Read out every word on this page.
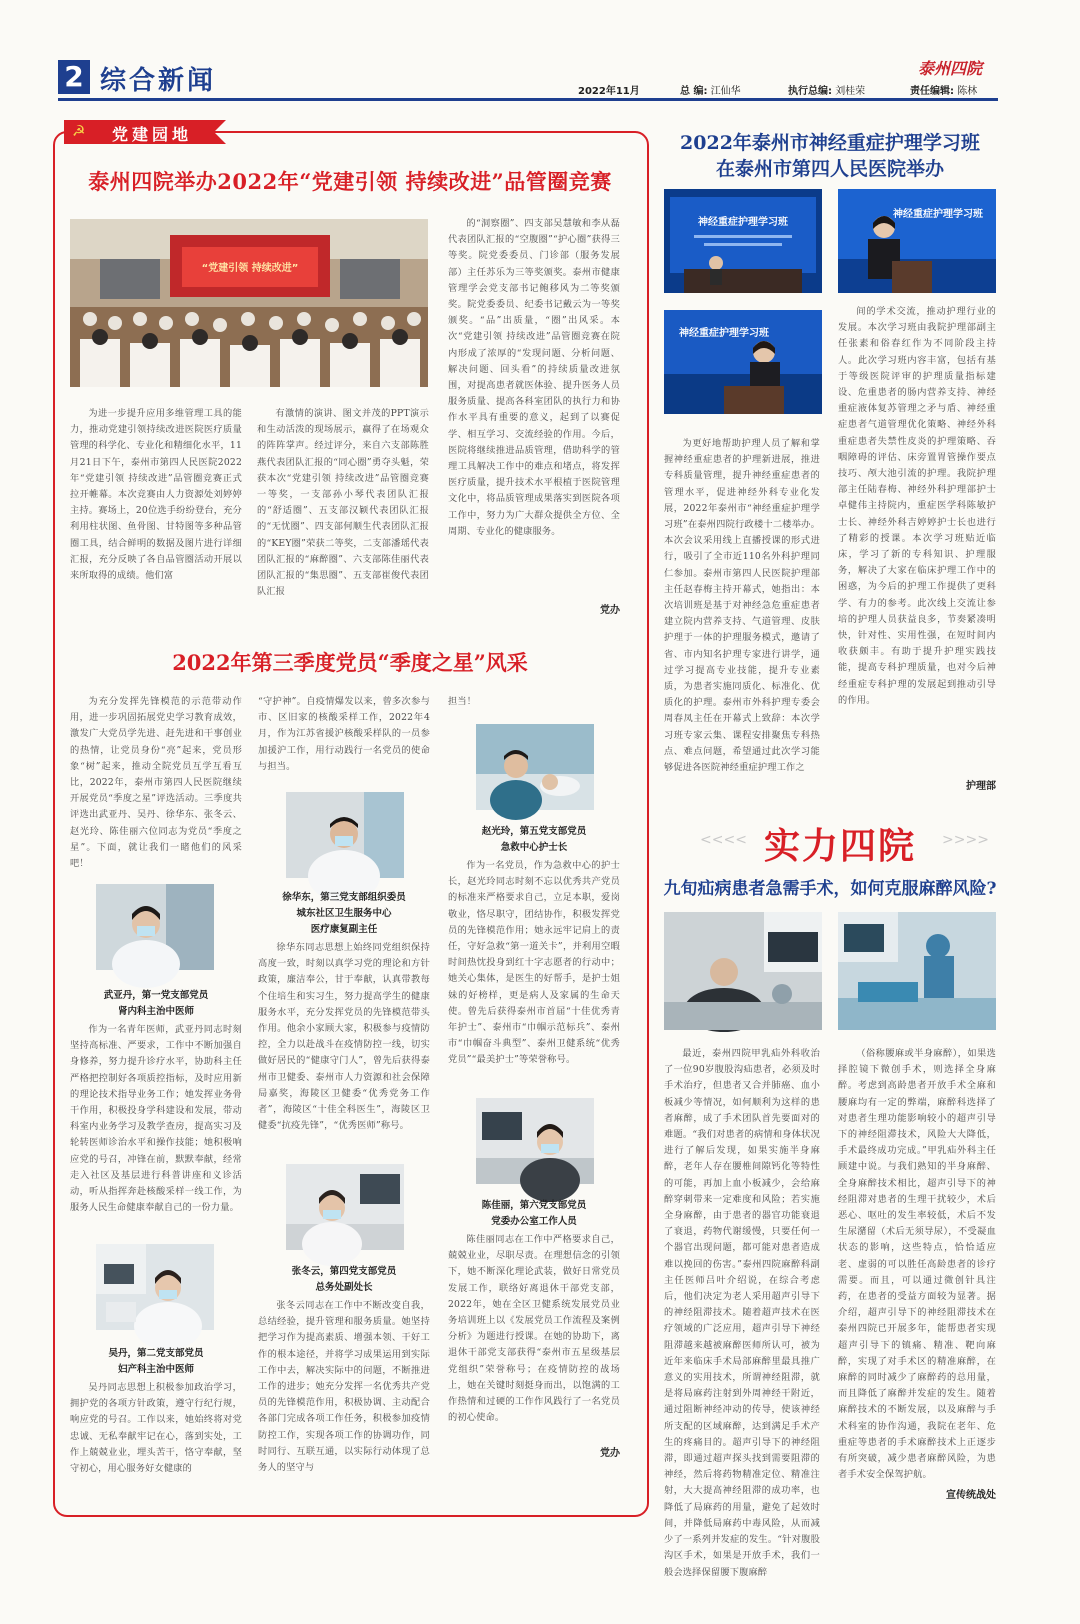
2 综合新闻	2022年11月	总 编: 江仙华	执行总编: 刘桂荣	责任编辑: 陈林
泰州四院
☭ 党建园地
泰州四院举办2022年“党建引领 持续改进”品管圈竞赛
“党建引领 持续改进”
为进一步提升应用多维管理工具的能力，推动党建引领持续改进医院医疗质量管理的科学化、专业化和精细化水平，11月21日下午，泰州市第四人民医院2022年“党建引领 持续改进”品管圈竞赛正式拉开帷幕。本次竞赛由人力资源处刘婷婷主持。赛场上，20位选手纷纷登台，充分利用柱状图、鱼骨图、甘特图等多种品管圈工具，结合鲜明的数据及图片进行详细汇报，充分反映了各自品管圈活动开展以来所取得的成绩。他们富
有激情的演讲、图文并茂的PPT演示和生动活泼的现场展示，赢得了在场观众的阵阵掌声。经过评分，来自六支部陈胜燕代表团队汇报的“同心圈”勇夺头魁，荣获本次“党建引领 持续改进”品管圈竞赛一等奖，一支部孙小琴代表团队汇报的“舒适圈”、五支部汉颖代表团队汇报的“无忧圈”、四支部何顺生代表团队汇报的“KEY圈”荣获二等奖，二支部潘瑶代表团队汇报的“麻醉圈”、六支部陈佳丽代表团队汇报的“集思圈”、五支部崔俊代表团队汇报
的“洞察圈”、四支部吴慧敏和李从磊代表团队汇报的“空腹圈”“护心圈”获得三等奖。院党委委员、门诊部（服务发展部）主任苏乐为三等奖颁奖。泰州市健康管理学会党支部书记鲍移风为二等奖颁奖。院党委委员、纪委书记戴云为一等奖颁奖。“品”出质量，“圈”出风采。本次“党建引领 持续改进”品管圈竞赛在院内形成了浓厚的“发现问题、分析问题、解决问题、回头看”的持续质量改进氛围，对提高患者就医体验、提升医务人员服务质量、提高各科室团队的执行力和协作水平具有重要的意义，起到了以赛促学、相互学习、交流经验的作用。今后，医院将继续推进品质管理，借助科学的管理工具解决工作中的难点和堵点，将发挥医疗质量，提升技术水平根植于医院管理文化中，将品质管理成果落实到医院各项工作中，努力为广大群众提供全方位、全周期、专业化的健康服务。
党办
2022年第三季度党员“季度之星”风采
为充分发挥先锋模范的示范带动作用，进一步巩固拓展党史学习教育成效，激发广大党员学先进、赶先进和干事创业的热情，让党员身份“亮”起来，党员形象“树”起来，推动全院党员互学互看互比，2022年，泰州市第四人民医院继续开展党员“季度之星”评选活动。三季度共评选出武亚丹、吴丹、徐华东、张冬云、赵光玲、陈佳丽六位同志为党员“季度之星”。下面，就让我们一睹他们的风采吧！
武亚丹，第一党支部党员
肾内科主治中医师
作为一名青年医师，武亚丹同志时刻坚持高标准、严要求，工作中不断加强自身修养，努力提升诊疗水平，协助科主任严格把控制好各项质控指标，及时应用新的理论技术指导业务工作；她发挥业务骨干作用，积极投身学科建设和发展，带动科室内业务学习及教学查房，提高实习及轮转医师诊治水平和操作技能；她积极响应党的号召，冲锋在前，默默奉献，经常走入社区及基层进行科普讲座和义诊活动，听从指挥奔赴核酸采样一线工作，为服务人民生命健康奉献自己的一份力量。
吴丹，第二党支部党员
妇产科主治中医师
吴丹同志思想上积极参加政治学习，拥护党的各项方针政策，遵守行纪行规，响应党的号召。工作以来，她始终将对党忠诚、无私奉献牢记在心，落到实处，工作上兢兢业业，埋头苦干，恪守奉献，坚守初心，用心服务好女健康的
“守护神”。自疫情爆发以来，曾多次参与市、区旧家的核酸采样工作，2022年4月，作为江苏省援沪核酸采样队的一员参加援沪工作，用行动践行一名党员的使命与担当。
徐华东，第三党支部组织委员
城东社区卫生服务中心
医疗康复副主任
徐华东同志思想上始终同党组织保持高度一致，时刻以真学习党的理论和方针政策，廉洁奉公，甘于奉献，认真带教每个住培生和实习生，努力提高学生的健康服务水平，充分发挥党员的先锋模范带头作用。他余小家顾大家，积极参与疫情防控，全力以赴战斗在疫情防控一线，切实做好居民的“健康守门人”，曾先后获得泰州市卫健委、泰州市人力资源和社会保障局嘉奖，海陵区卫健委“优秀党务工作者”，海陵区“十佳全科医生”，海陵区卫健委“抗疫先锋”，“优秀医师”称号。
张冬云，第四党支部党员
总务处副处长
张冬云同志在工作中不断改变自我，总结经验，提升管理和服务质量。她坚持把学习作为提高素质、增强本领、干好工作的根本途径，并将学习成果运用到实际工作中去，解决实际中的问题，不断推进工作的进步；她充分发挥一名优秀共产党员的先锋模范作用，积极协调、主动配合各部门完成各项工作任务，积极参加疫情防控工作，实现各项工作的协调功作，同时同行、互联互通，以实际行动体现了总务人的坚守与
担当！
赵光玲，第五党支部党员
急救中心护士长
作为一名党员，作为急救中心的护士长，赵光玲同志时刻不忘以优秀共产党员的标准来严格要求自己，立足本职，爱岗敬业，恪尽职守，团结协作，积极发挥党员的先锋模范作用；她永远牢记肩上的责任，守好急救“第一道关卡”，并利用空暇时间热忱投身到红十字志愿者的行动中；她关心集体，是医生的好帮手，是护士姐妹的好榜样，更是病人及家属的生命天使。曾先后获得泰州市首届“十佳优秀青年护士”、泰州市“巾帼示范标兵”、泰州市“巾帼奋斗典型”、泰州卫健系统“优秀党员”“最美护士”等荣誉称号。
陈佳丽，第六党支部党员
党委办公室工作人员
陈佳丽同志在工作中严格要求自己，兢兢业业，尽职尽责。在理想信念的引领下，她不断深化理论武装，做好日常党员发展工作，联络好离退休干部党支部，2022年，她在全区卫健系统发展党员业务培训班上以《发展党员工作流程及案例分析》为题进行授课。在她的协助下，离退休干部党支部获得“泰州市五星级基层党组织”荣誉称号；在疫情防控的战场上，她在关键时刻挺身而出，以饱满的工作热情和过硬的工作作风践行了一名党员的初心使命。
党办
2022年泰州市神经重症护理学习班
在泰州市第四人民医院举办
神经重症护理学习班
神经重症护理学习班
神经重症护理学习班
为更好地帮助护理人员了解和掌握神经重症患者的护理新进展，推进专科质量管理，提升神经重症患者的管理水平，促进神经外科专业化发展，2022年泰州市“神经重症护理学习班”在泰州四院行政楼十二楼举办。本次会议采用线上直播授课的形式进行，吸引了全市近110名外科护理同仁参加。泰州市第四人民医院护理部主任赵春梅主持开幕式，她指出：本次培训班是基于对神经急危重症患者建立院内营养支持、气道管理、皮肤护理于一体的护理服务模式，邀请了省、市内知名护理专家进行讲学，通过学习提高专业技能，提升专业素质，为患者实施同质化、标准化、优质化的护理。泰州市外科护理专委会周春凤主任在开幕式上致辞：本次学习班专家云集、课程安排聚焦专科热点、难点问题，希望通过此次学习能够促进各医院神经重症护理工作之
间的学术交流，推动护理行业的发展。本次学习班由我院护理部副主任张素和俗春红作为不同阶段主持人。此次学习班内容丰富，包括有基于等级医院评审的护理质量指标建设、危重患者的肠内营养支持、神经重症液体复苏管理之矛与盾、神经重症患者气道管理优化策略、神经外科重症患者失禁性皮炎的护理策略、吞咽障碍的评估、床旁置胃管操作要点技巧、颅大池引流的护理。我院护理部主任陆春梅、神经外科护理部护士卓健伟主持院内，重症医学科陈敏护士长、神经外科吉婷婷护士长也进行了精彩的授课。本次学习班贴近临床，学习了新的专科知识、护理服务，解决了大家在临床护理工作中的困惑，为今后的护理工作提供了更科学、有力的参考。此次线上交流让参培的护理人员获益良多，节奏紧凑明快，针对性、实用性强，在短时间内收获颇丰。有助于提升护理实践技能，提高专科护理质量，也对今后神经重症专科护理的发展起到推动引导的作用。
护理部
<<<< 实力四院 >>>>
九旬疝病患者急需手术，如何克服麻醉风险?
最近，泰州四院甲乳疝外科收治了一位90岁腹股沟疝患者，必须及时手术治疗，但患者又合并肺癌、血小板减少等情况，如何顺利为这样的患者麻醉，成了手术团队首先要面对的难题。“我们对患者的病情和身体状况进行了解后发现，如果实施半身麻醉，老年人存在腰椎间隙钙化等特性的可能，再加上血小板减少，会给麻醉穿刺带来一定难度和风险；若实施全身麻醉，由于患者的器官功能衰退了衰退，药物代谢缓慢，只要任何一个器官出现问题，都可能对患者造成难以挽回的伤害。”泰州四院麻醉科副主任医师吕叶介绍说，在综合考虑后，他们决定为老人采用超声引导下的神经阻滞技术。随着超声技术在医疗领域的广泛应用，超声引导下神经阻滞越来越被麻醉医师所认可，被为近年来临床手术局部麻醉里最具推广意义的实用技术，所谓神经阻滞，就是将局麻药注射到外周神经干附近，通过阻断神经冲动的传导，使该神经所支配的区域麻醉，达到满足手术产生的疼痛目的。超声引导下的神经阻滞，即通过超声探头找到需要阻滞的神经，然后将药物精准定位、精准注射，大大提高神经阻滞的成功率，也降低了局麻药的用量，避免了起效时间，并降低局麻药中毒风险，从而减少了一系列并发症的发生。“针对腹股沟区手术，如果是开放手术，我们一般会选择保留腰下腹麻醉
（俗称腰麻或半身麻醉），如果选择腔镜下微创手术，则选择全身麻醉。考虑到高龄患者开放手术全麻和腰麻均有一定的弊端，麻醉科选择了对患者生理功能影响较小的超声引导下的神经阻滞技术，风险大大降低，手术最终成功完成。”甲乳疝外科主任顾建中说。与我们熟知的半身麻醉、全身麻醉技术相比，超声引导下的神经阻滞对患者的生理干扰较少，术后恶心、呕吐的发生率较低，术后不发生尿潴留（术后无须导尿），不受凝血状态的影响，这些特点，恰恰适应老、虚弱的可以胜任高龄患者的诊疗需要。而且，可以通过微创针具注药，在患者的受益方面较为显著。据介绍，超声引导下的神经阻滞技术在泰州四院已开展多年，能帮患者实现超声引导下的镇痛、精准、靶向麻醉，实现了对手术区的精准麻醉，在麻醉的同时减少了麻醉药的总用量，而且降低了麻醉并发症的发生。随着麻醉技术的不断发展，以及麻醉与手术科室的协作沟通，我院在老年、危重症等患者的手术麻醉技术上正逐步有所突破，减少患者麻醉风险，为患者手术安全保驾护航。
宣传统战处
